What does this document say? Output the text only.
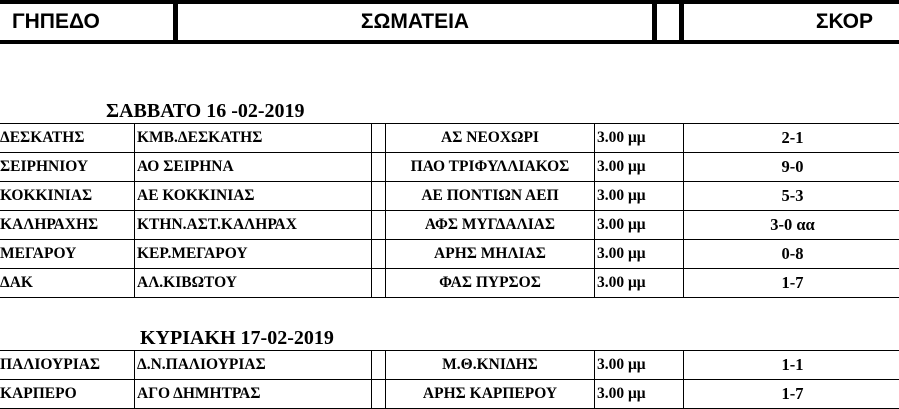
ΓΗΠΕΔΟ	ΣΩΜΑΤΕΙΑ	ΣΚΟΡ
ΣΑΒΒΑΤΟ 16 -02-2019
ΔΕΣΚΑΤΗΣ	ΚΜΒ.ΔΕΣΚΑΤΗΣ	ΑΣ ΝΕΟΧΩΡΙ	3.00 μμ	2-1
ΣΕΙΡΗΝΙΟΥ	ΑΟ ΣΕΙΡΗΝΑ	ΠΑΟ ΤΡΙΦΥΛΛΙΑΚΟΣ	3.00 μμ	9-0
ΚΟΚΚΙΝΙΑΣ	ΑΕ ΚΟΚΚΙΝΙΑΣ	ΑΕ ΠΟΝΤΙΩΝ ΑΕΠ	3.00 μμ	5-3
ΚΑΛΗΡΑΧΗΣ	ΚΤΗΝ.ΑΣΤ.ΚΑΛΗΡΑΧ	ΑΦΣ ΜΥΓΔΑΛΙΑΣ	3.00 μμ	3-0 αα
ΜΕΓΑΡΟΥ	ΚΕΡ.ΜΕΓΑΡΟΥ	ΑΡΗΣ ΜΗΛΙΑΣ	3.00 μμ	0-8
ΔΑΚ	ΑΛ.ΚΙΒΩΤΟΥ	ΦΑΣ ΠΥΡΣΟΣ	3.00 μμ	1-7
ΚΥΡΙΑΚΗ 17-02-2019
ΠΑΛΙΟΥΡΙΑΣ	Δ.Ν.ΠΑΛΙΟΥΡΙΑΣ	Μ.Θ.ΚΝΙΔΗΣ	3.00 μμ	1-1
ΚΑΡΠΕΡΟ	ΑΓΟ ΔΗΜΗΤΡΑΣ	ΑΡΗΣ ΚΑΡΠΕΡΟΥ	3.00 μμ	1-7
